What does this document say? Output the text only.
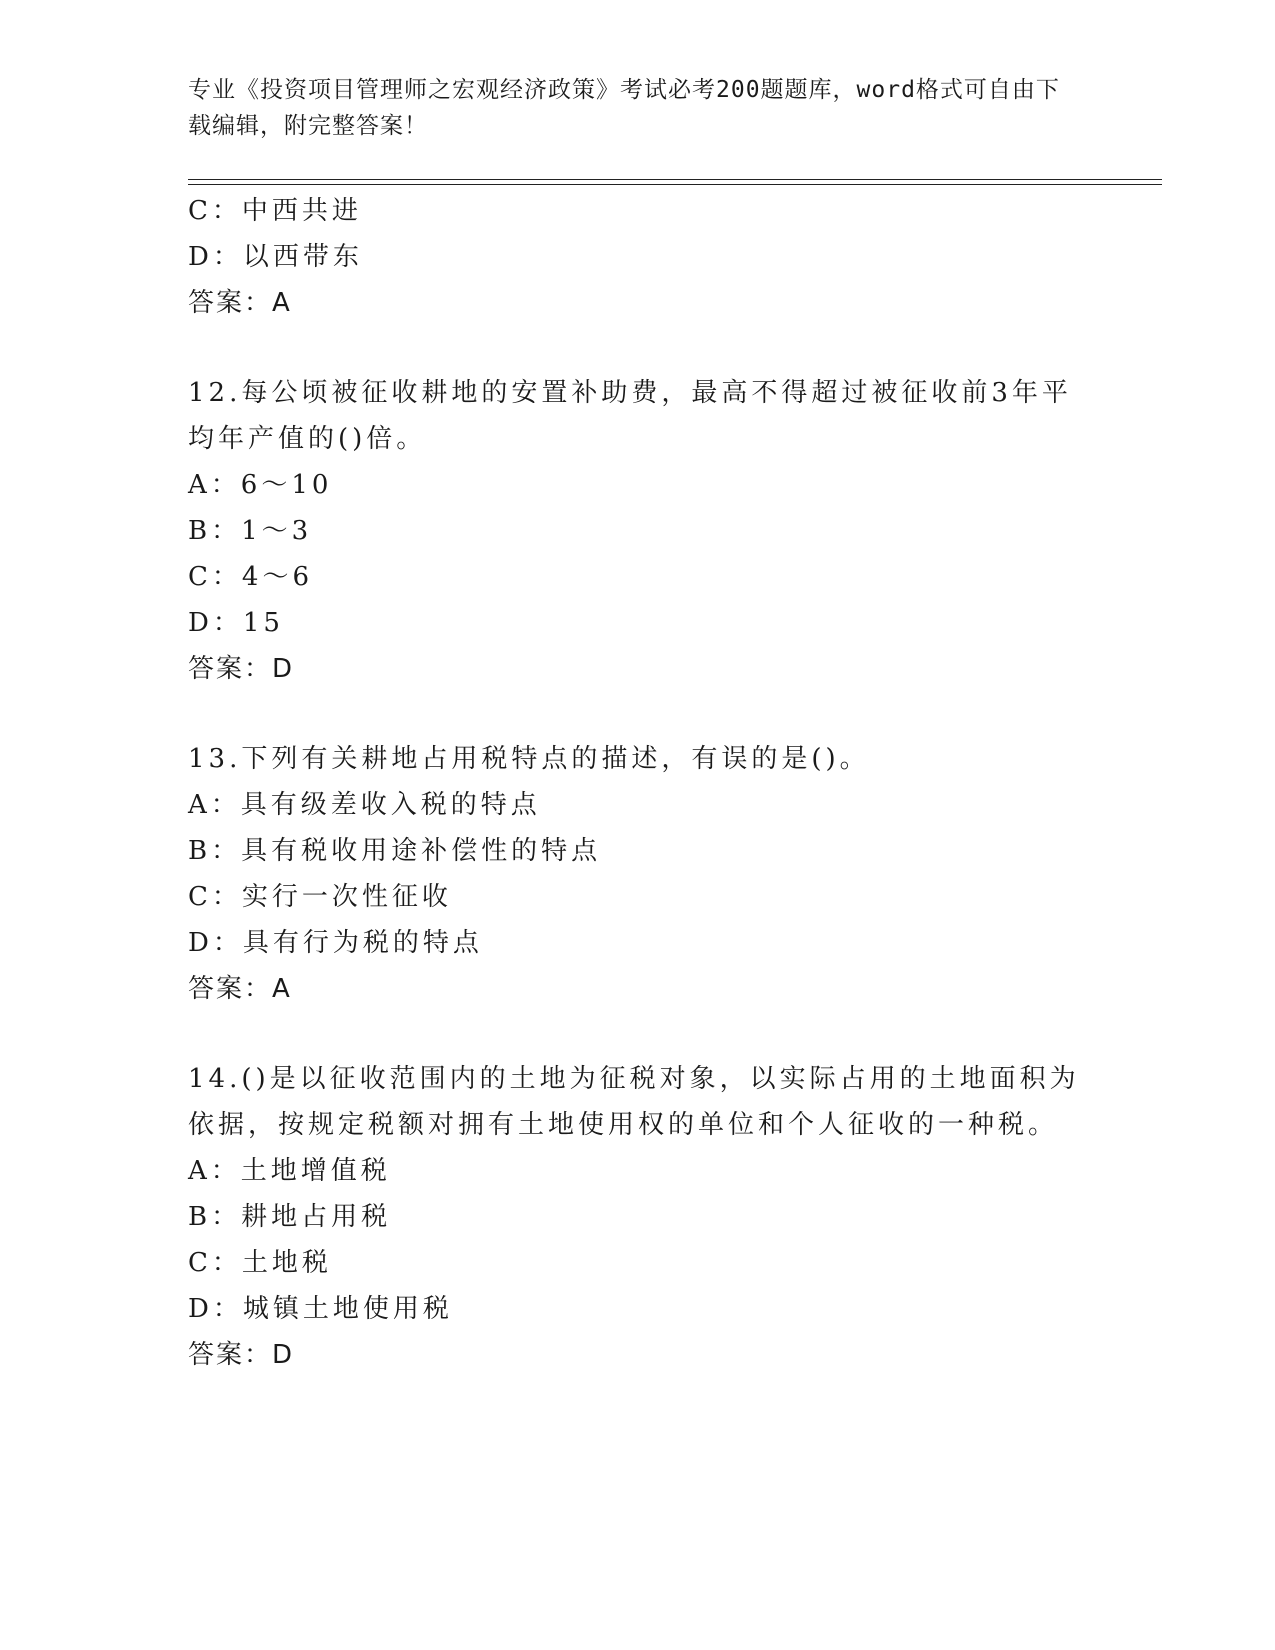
专业《投资项目管理师之宏观经济政策》考试必考200题题库，word格式可自由下载编辑，附完整答案！
C：中西共进
D：以西带东
答案：A
12.每公顷被征收耕地的安置补助费，最高不得超过被征收前3年平均年产值的()倍。
A：6～10
B：1～3
C：4～6
D：15
答案：D
13.下列有关耕地占用税特点的描述，有误的是()。
A：具有级差收入税的特点
B：具有税收用途补偿性的特点
C：实行一次性征收
D：具有行为税的特点
答案：A
14.()是以征收范围内的土地为征税对象，以实际占用的土地面积为依据，按规定税额对拥有土地使用权的单位和个人征收的一种税。
A：土地增值税
B：耕地占用税
C：土地税
D：城镇土地使用税
答案：D
